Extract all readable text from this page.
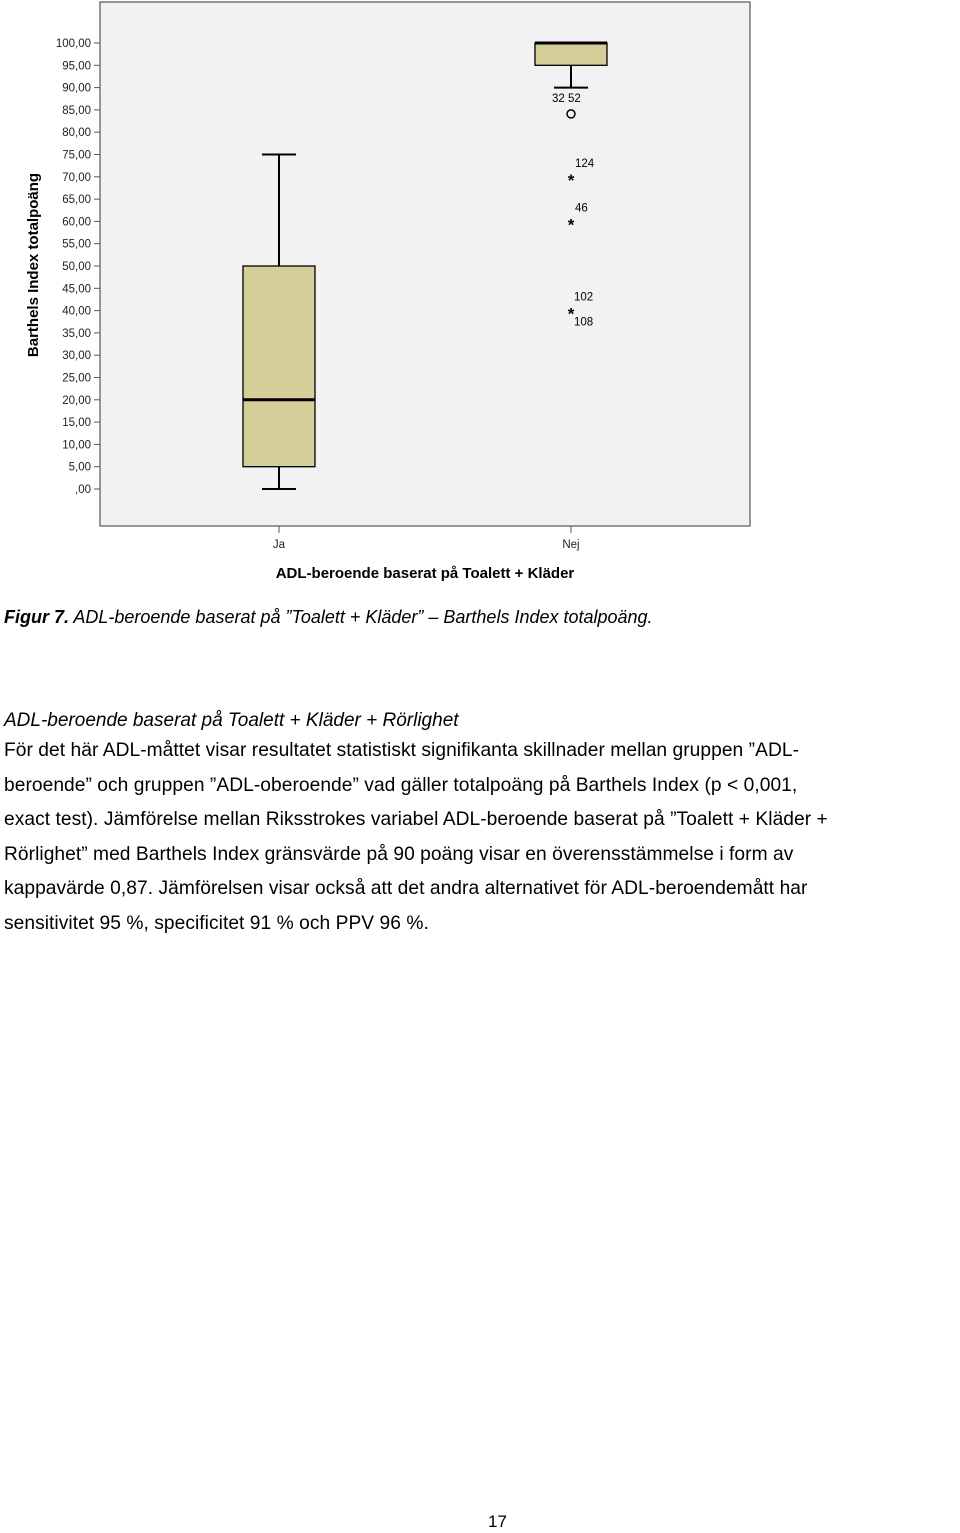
,00
5,00
10,00
15,00
20,00
25,00
30,00
35,00
40,00
45,00
50,00
55,00
60,00
65,00
70,00
75,00
80,00
85,00
90,00
95,00
100,00
Ja	Nej
32 52
*
124
*
46
*
102
108
Barthels Index totalpoäng
ADL-beroende baserat på Toalett + Kläder
Figur 7. ADL-beroende baserat på ”Toalett + Kläder” – Barthels Index totalpoäng.

ADL-beroende baserat på Toalett + Kläder + Rörlighet

För det här ADL-måttet visar resultatet statistiskt signifikanta skillnader mellan gruppen ”ADL-
beroende” och gruppen ”ADL-oberoende” vad gäller totalpoäng på Barthels Index (p < 0,001,
exact test). Jämförelse mellan Riksstrokes variabel ADL-beroende baserat på ”Toalett + Kläder +
Rörlighet” med Barthels Index gränsvärde på 90 poäng visar en överensstämmelse i form av
kappavärde 0,87. Jämförelsen visar också att det andra alternativet för ADL-beroendemått har
sensitivitet 95 %, specificitet 91 % och PPV 96 %.

17
